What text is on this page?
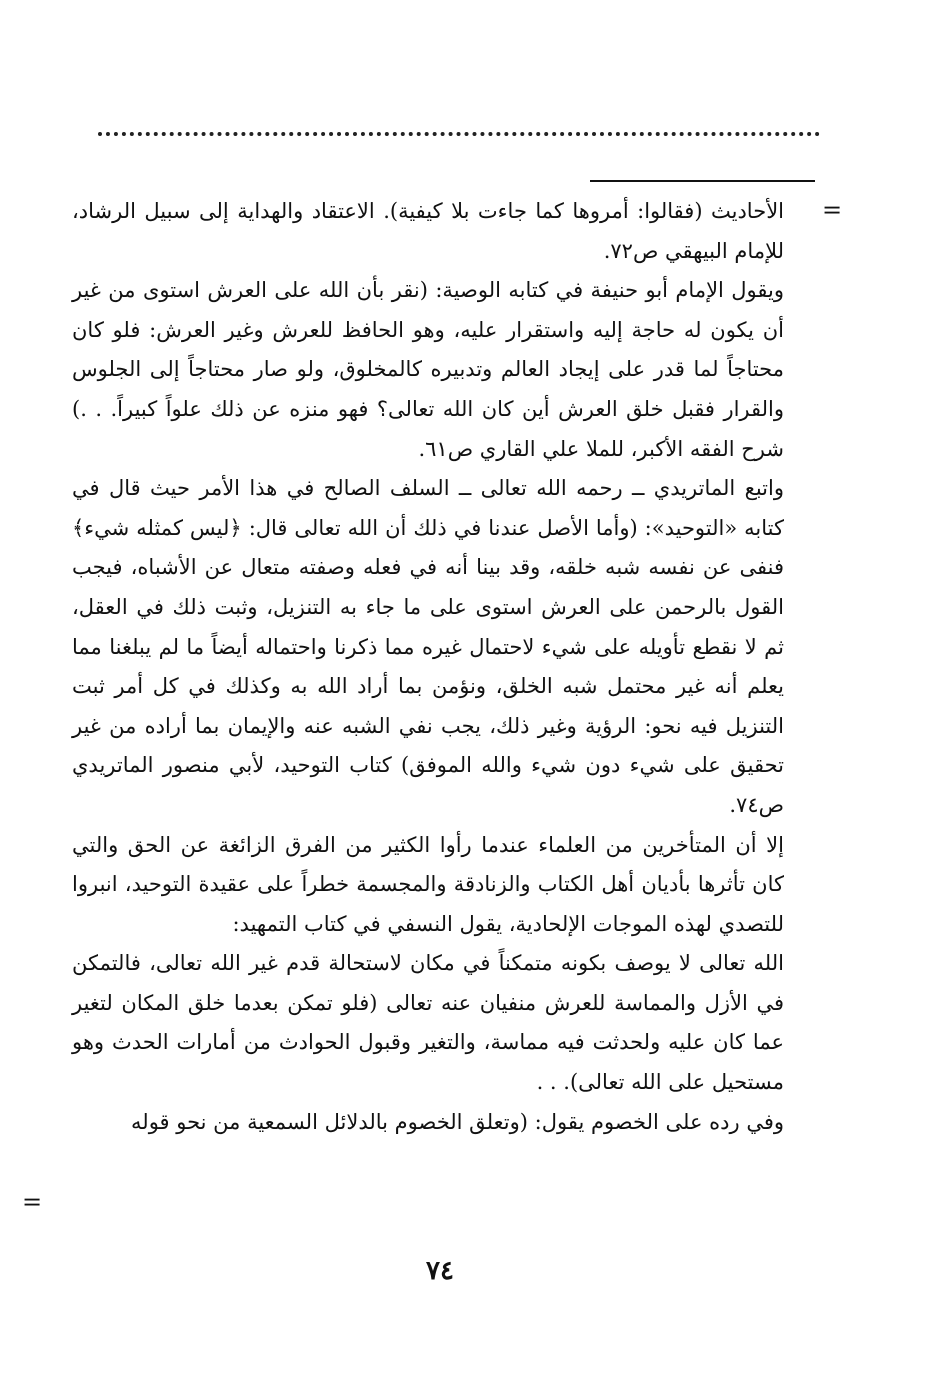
=

الأحاديث (فقالوا: أمروها كما جاءت بلا كيفية). الاعتقاد والهداية إلى سبيل الرشاد، للإمام البيهقي ص٧٢.

ويقول الإمام أبو حنيفة في كتابه الوصية: (نقر بأن الله على العرش استوى من غير أن يكون له حاجة إليه واستقرار عليه، وهو الحافظ للعرش وغير العرش: فلو كان محتاجاً لما قدر على إيجاد العالم وتدبيره كالمخلوق، ولو صار محتاجاً إلى الجلوس والقرار فقبل خلق العرش أين كان الله تعالى؟ فهو منزه عن ذلك علواً كبيراً. . .) شرح الفقه الأكبر، للملا علي القاري ص٦١.

واتبع الماتريدي ــ رحمه الله تعالى ــ السلف الصالح في هذا الأمر حيث قال في كتابه «التوحيد»: (وأما الأصل عندنا في ذلك أن الله تعالى قال: ﴿ليس كمثله شيء﴾ فنفى عن نفسه شبه خلقه، وقد بينا أنه في فعله وصفته متعال عن الأشباه، فيجب القول بالرحمن على العرش استوى على ما جاء به التنزيل، وثبت ذلك في العقل، ثم لا نقطع تأويله على شيء لاحتمال غيره مما ذكرنا واحتماله أيضاً ما لم يبلغنا مما يعلم أنه غير محتمل شبه الخلق، ونؤمن بما أراد الله به وكذلك في كل أمر ثبت التنزيل فيه نحو: الرؤية وغير ذلك، يجب نفي الشبه عنه والإيمان بما أراده من غير تحقيق على شيء دون شيء والله الموفق) كتاب التوحيد، لأبي منصور الماتريدي ص٧٤.

إلا أن المتأخرين من العلماء عندما رأوا الكثير من الفرق الزائغة عن الحق والتي كان تأثرها بأديان أهل الكتاب والزنادقة والمجسمة خطراً على عقيدة التوحيد، انبروا للتصدي لهذه الموجات الإلحادية، يقول النسفي في كتاب التمهيد:

الله تعالى لا يوصف بكونه متمكناً في مكان لاستحالة قدم غير الله تعالى، فالتمكن في الأزل والمماسة للعرش منفيان عنه تعالى (فلو تمكن بعدما خلق المكان لتغير عما كان عليه ولحدثت فيه مماسة، والتغير وقبول الحوادث من أمارات الحدث وهو مستحيل على الله تعالى). . .

وفي رده على الخصوم يقول: (وتعلق الخصوم بالدلائل السمعية من نحو قوله

=
٧٤
